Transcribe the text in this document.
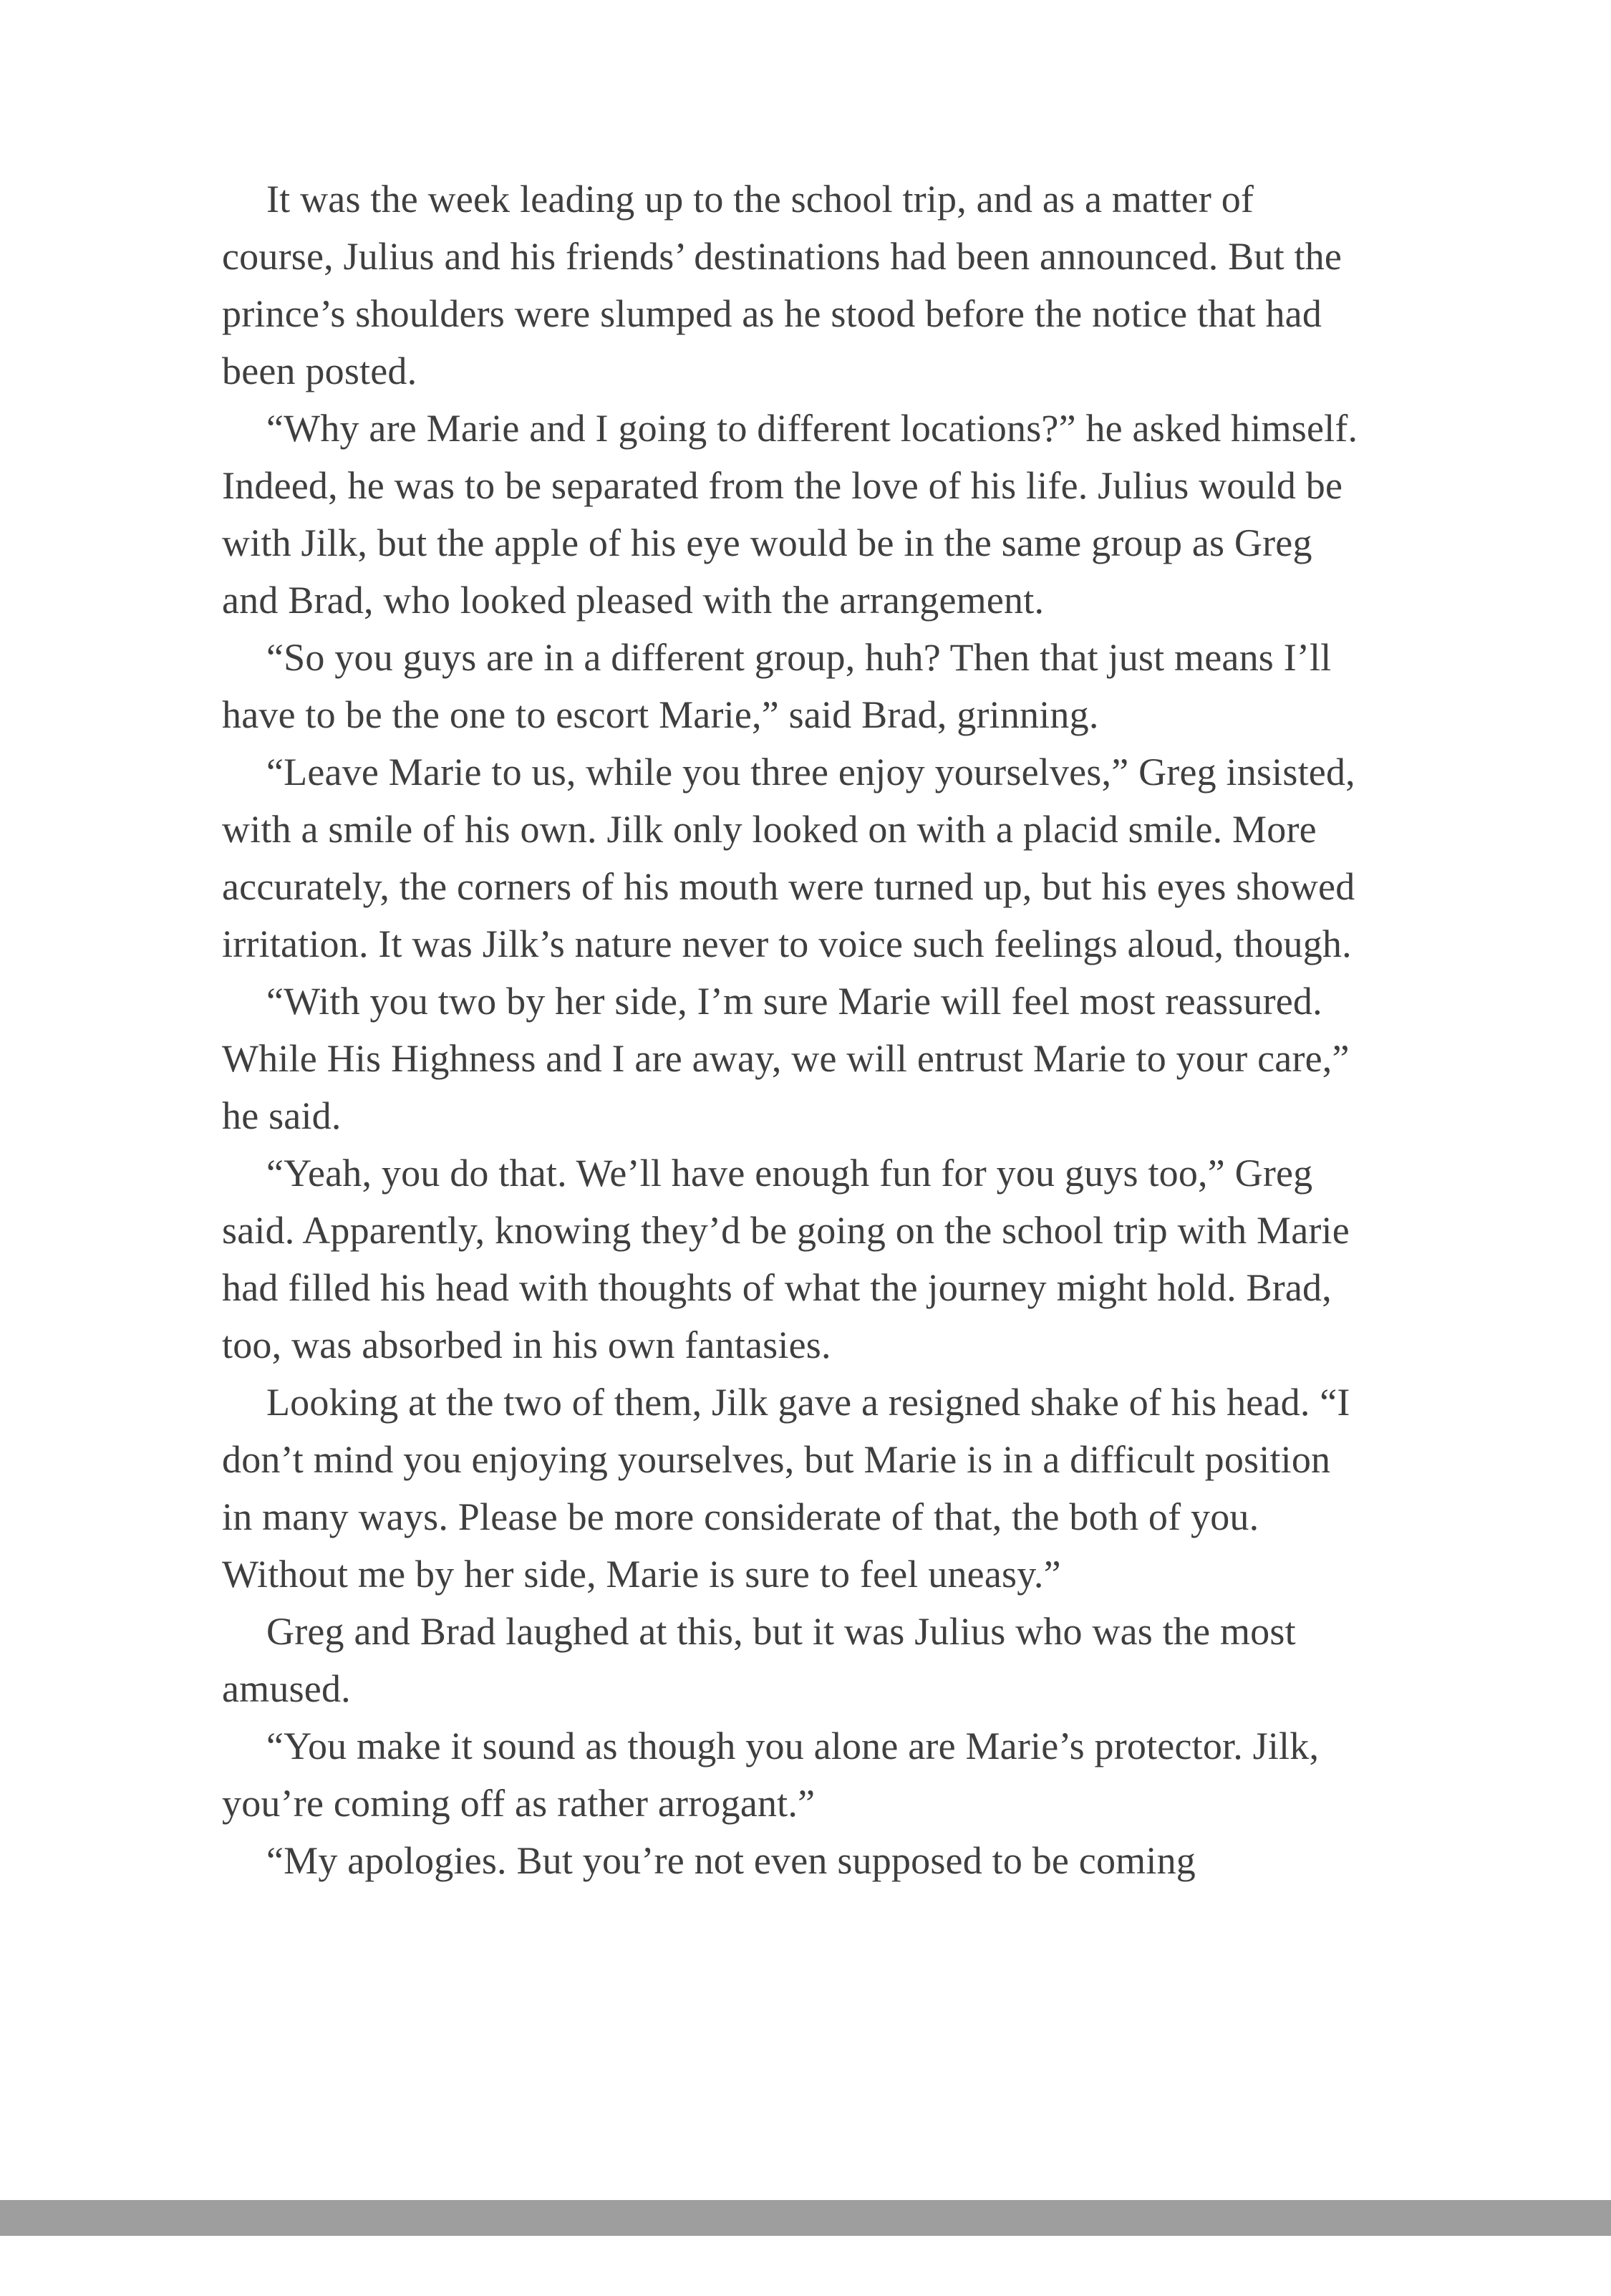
It was the week leading up to the school trip, and as a matter of course, Julius and his friends’ destinations had been announced. But the prince’s shoulders were slumped as he stood before the notice that had been posted.

“Why are Marie and I going to different locations?” he asked himself. Indeed, he was to be separated from the love of his life. Julius would be with Jilk, but the apple of his eye would be in the same group as Greg and Brad, who looked pleased with the arrangement.

“So you guys are in a different group, huh? Then that just means I’ll have to be the one to escort Marie,” said Brad, grinning.

“Leave Marie to us, while you three enjoy yourselves,” Greg insisted, with a smile of his own. Jilk only looked on with a placid smile. More accurately, the corners of his mouth were turned up, but his eyes showed irritation. It was Jilk’s nature never to voice such feelings aloud, though.

“With you two by her side, I’m sure Marie will feel most reassured. While His Highness and I are away, we will entrust Marie to your care,” he said.

“Yeah, you do that. We’ll have enough fun for you guys too,” Greg said. Apparently, knowing they’d be going on the school trip with Marie had filled his head with thoughts of what the journey might hold. Brad, too, was absorbed in his own fantasies.

Looking at the two of them, Jilk gave a resigned shake of his head. “I don’t mind you enjoying yourselves, but Marie is in a difficult position in many ways. Please be more considerate of that, the both of you. Without me by her side, Marie is sure to feel uneasy.”

Greg and Brad laughed at this, but it was Julius who was the most amused.

“You make it sound as though you alone are Marie’s protector. Jilk, you’re coming off as rather arrogant.”

“My apologies. But you’re not even supposed to be coming
